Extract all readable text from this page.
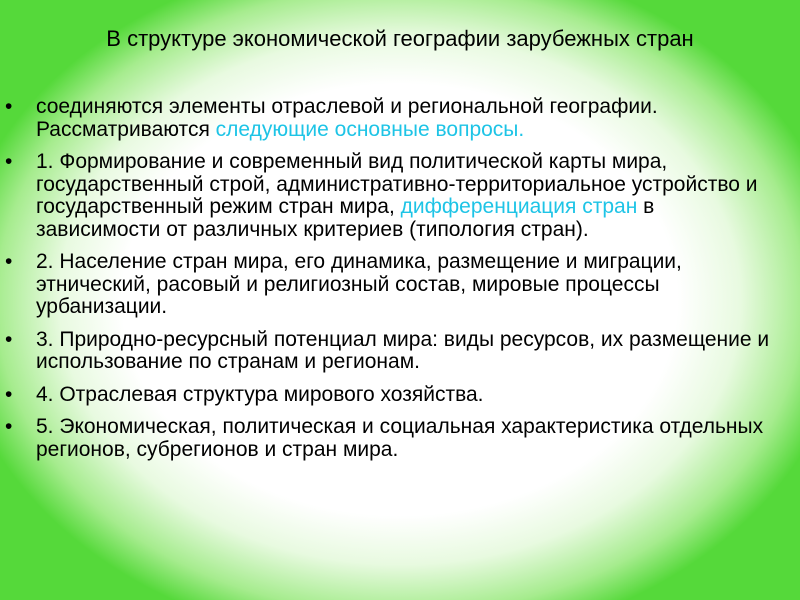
В структуре экономической географии зарубежных стран
• соединяются элементы отраслевой и региональной географии. Рассматриваются следующие основные вопросы.
• 1. Формирование и современный вид политической карты мира, государственный строй, административно-территориальное устройство и государственный режим стран мира, дифференциация стран в зависимости от различных критериев (типология стран).
• 2. Население стран мира, его динамика, размещение и миграции, этнический, расовый и религиозный состав, мировые процессы урбанизации.
• 3. Природно-ресурсный потенциал мира: виды ресурсов, их размещение и использование по странам и регионам.
• 4. Отраслевая структура мирового хозяйства.
• 5. Экономическая, политическая и социальная характеристика отдельных регионов, субрегионов и стран мира.
